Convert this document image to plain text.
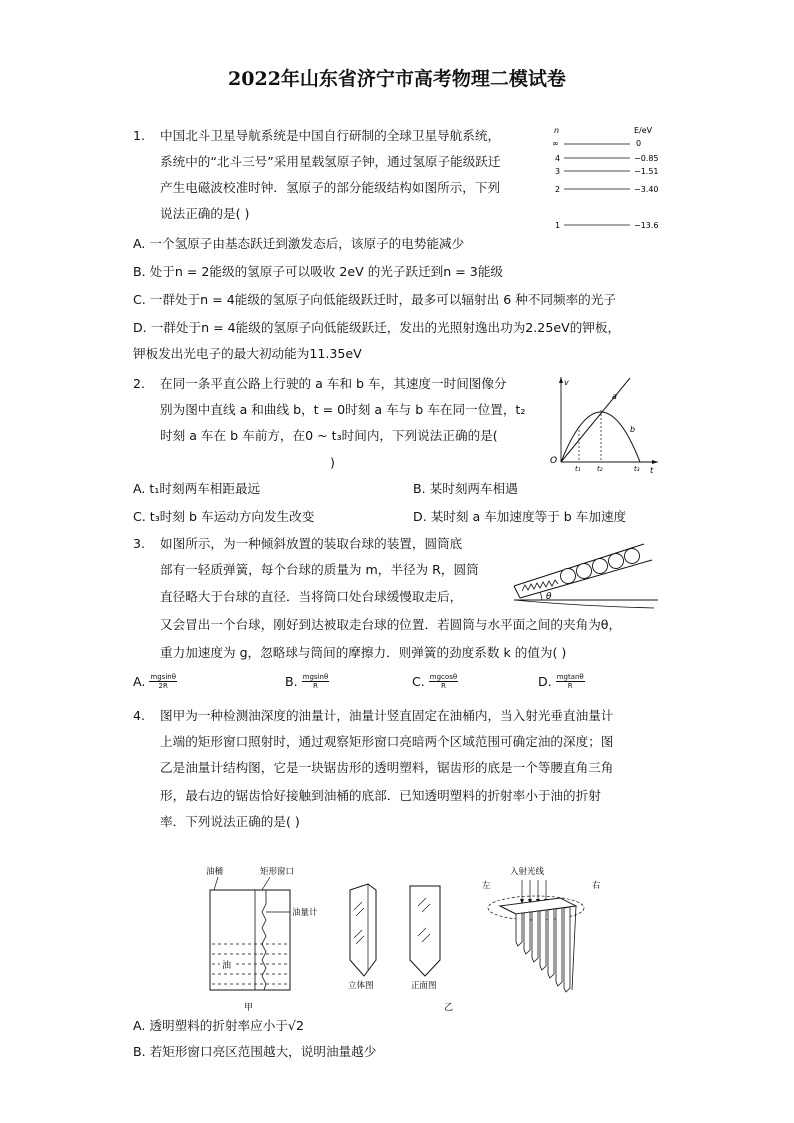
2022年山东省济宁市高考物理二模试卷
1. 中国北斗卫星导航系统是中国自行研制的全球卫星导航系统，
系统中的“北斗三号”采用星载氢原子钟，通过氢原子能级跃迁
产生电磁波校准时钟．氢原子的部分能级结构如图所示，下列
说法正确的是( )
n	E/eV
∞	0
4	−0.85
3	−1.51
2	−3.40
1	−13.6
A. 一个氢原子由基态跃迁到激发态后，该原子的电势能减少
B. 处于n = 2能级的氢原子可以吸收 2eV 的光子跃迁到n = 3能级
C. 一群处于n = 4能级的氢原子向低能级跃迁时，最多可以辐射出 6 种不同频率的光子
D. 一群处于n = 4能级的氢原子向低能级跃迁，发出的光照射逸出功为2.25eV的钾板，
钾板发出光电子的最大初动能为11.35eV
2. 在同一条平直公路上行驶的 a 车和 b 车，其速度一时间图像分
别为图中直线 a 和曲线 b，t = 0时刻 a 车与 b 车在同一位置，t₂
时刻 a 车在 b 车前方，在0 ~ t₃时间内，下列说法正确的是(
)
v
O
t
a
b
t₁ t₂	t₃
A. t₁时刻两车相距最远	B. 某时刻两车相遇
C. t₃时刻 b 车运动方向发生改变	D. 某时刻 a 车加速度等于 b 车加速度
3. 如图所示，为一种倾斜放置的装取台球的装置，圆筒底
部有一轻质弹簧，每个台球的质量为 m，半径为 R，圆筒
直径略大于台球的直径．当将筒口处台球缓慢取走后，
又会冒出一个台球，刚好到达被取走台球的位置．若圆筒与水平面之间的夹角为θ，
重力加速度为 g，忽略球与筒间的摩擦力．则弹簧的劲度系数 k 的值为( )
θ
A. $\frac{mgsin\theta}{2R}$	B. $\frac{mgsin\theta}{R}$	C. $\frac{mgcos\theta}{R}$	D. $\frac{mgtan\theta}{R}$
4. 图甲为一种检测油深度的油量计，油量计竖直固定在油桶内，当入射光垂直油量计
上端的矩形窗口照射时，通过观察矩形窗口亮暗两个区域范围可确定油的深度；图
乙是油量计结构图，它是一块锯齿形的透明塑料，锯齿形的底是一个等腰直角三角
形，最右边的锯齿恰好接触到油桶的底部．已知透明塑料的折射率小于油的折射
率．下列说法正确的是( )
油桶	矩形窗口
油量计
油
甲
立体图	正面图
乙
入射光线
左	右
A. 透明塑料的折射率应小于√2
B. 若矩形窗口亮区范围越大，说明油量越少
